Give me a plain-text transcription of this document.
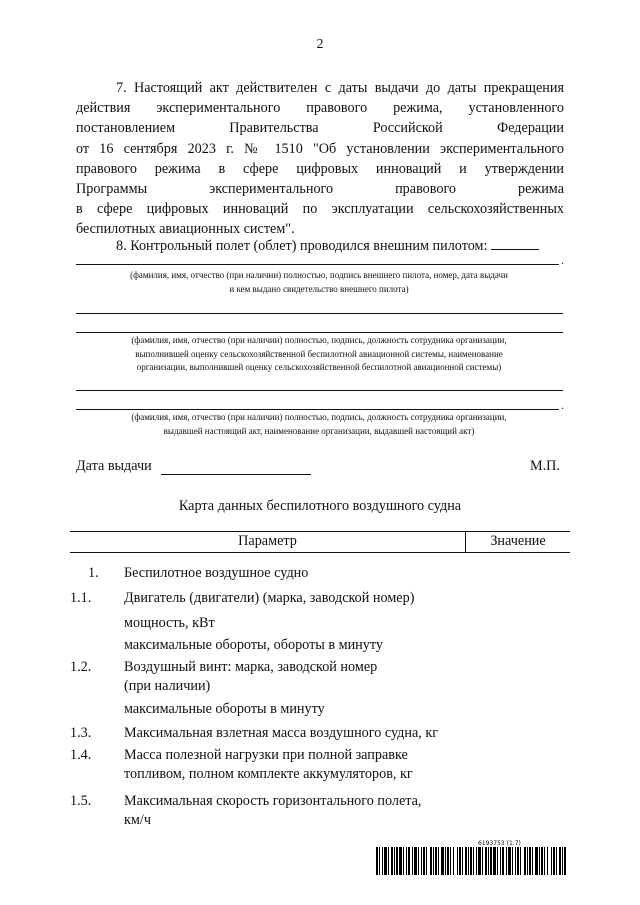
2
7. Настоящий акт действителен с даты выдачи до даты прекращения
действия экспериментального правового режима, установленного
постановлением Правительства Российской Федерации
от 16 сентября 2023 г. № 1510 "Об установлении экспериментального
правового режима в сфере цифровых инноваций и утверждении
Программы экспериментального правового режима
в сфере цифровых инноваций по эксплуатации сельскохозяйственных
беспилотных авиационных систем".
8. Контрольный полет (облет) проводился внешним пилотом:
.
(фамилия, имя, отчество (при наличии) полностью, подпись внешнего пилота, номер, дата выдачи
и кем выдано свидетельство внешнего пилота)
(фамилия, имя, отчество (при наличии) полностью, подпись, должность сотрудника организации,
выполнившей оценку сельскохозяйственной беспилотной авиационной системы, наименование
организации, выполнившей оценку сельскохозяйственной беспилотной авиационной системы)
.
(фамилия, имя, отчество (при наличии) полностью, подпись, должность сотрудника организации,
выдавшей настоящий акт, наименование организации, выдавшей настоящий акт)
Дата выдачи	М.П.
Карта данных беспилотного воздушного судна
Параметр	Значение
1.	Беспилотное воздушное судно
1.1.	Двигатель (двигатели) (марка, заводской номер)
мощность, кВт
максимальные обороты, обороты в минуту
1.2.	Воздушный винт: марка, заводской номер
(при наличии)
максимальные обороты в минуту
1.3.	Максимальная взлетная масса воздушного судна, кг
1.4.	Масса полезной нагрузки при полной заправке
топливом, полном комплекте аккумуляторов, кг
1.5.	Максимальная скорость горизонтального полета,
км/ч
6193753 (1.7)
